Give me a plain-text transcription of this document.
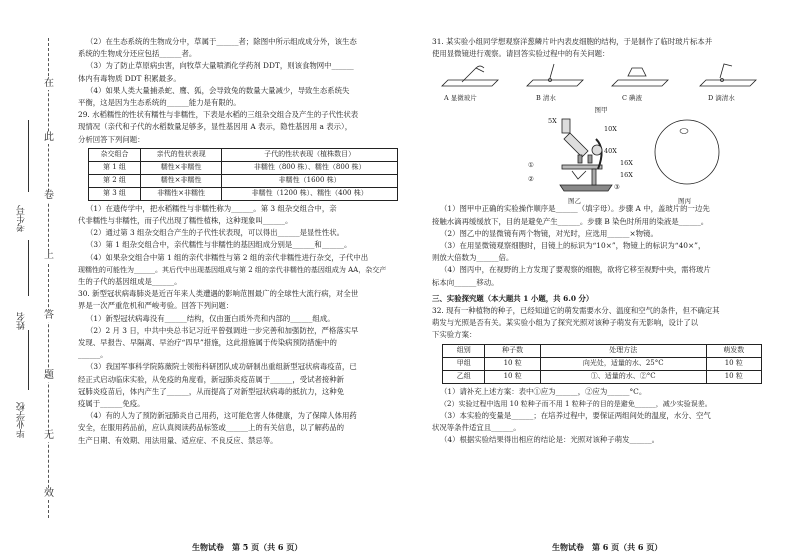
在
此
卷
上
答
题
无
效
毕业学校
姓名
考生号

（2）在生态系统的生物成分中，草属于______者；除图中所示组成成分外，该生态

系统的生物成分还应包括______者。

（3）为了防止草原病虫害，向牧草大量喷洒化学药剂 DDT，则该食物网中______

体内有毒物质 DDT 积累最多。

（4）如果人类大量捕杀蛇、鹰、狐，会导致兔的数量大量减少，导致生态系统失

平衡，这是因为生态系统的______能力是有限的。

29. 水稻糯性的性状有糯性与非糯性，下表是水稻的三组杂交组合及产生的子代性状表

现情况（亲代和子代的水稻数量足够多，显性基因用 A 表示，隐性基因用 a 表示），

分析回答下列问题：

杂交组合	亲代的性状表现	子代的性状表现（植株数目）
第 1 组	糯性×非糯性	非糯性（800 株）、糯性（800 株）
第 2 组	糯性×非糯性	非糯性（1600 株）
第 3 组	非糯性×非糯性	非糯性（1200 株）、糯性（400 株）

（1）在遗传学中，把水稻糯性与非糯性称为______。第 3 组杂交组合中，亲

代非糯性与非糯性，而子代出现了糯性植株，这种现象叫______。

（2）通过第 3 组杂交组合产生的子代性状表现，可以得出______是显性性状。

（3）第 1 组杂交组合中，亲代糯性与非糯性的基因组成分别是______和______。

（4）如果杂交组合中第 1 组的亲代非糯性与第 2 组的亲代非糯性进行杂交，子代中出

现糯性的可能性为______。其后代中出现基因组成与第 2 组的亲代非糯性的基因组成为 AA，杂交产

生的子代的基因组成是______。

30. 新型冠状病毒肺炎是近百年来人类遭遇的影响范围最广的全球性大流行病，对全世

界是一次严重危机和严峻考验。回答下列问题：

（1）新型冠状病毒没有______结构，仅由蛋白质外壳和内部的______组成。

（2）2 月 3 日，中共中央总书记习近平曾强调进一步完善和加强防控，严格落实早

发现、早报告、早隔离、早治疗“四早”措施，这此措施属于传染病预防措施中的

______。

（3）我国军事科学院陈薇院士领衔科研团队成功研制出重组新型冠状病毒疫苗，已

经正式启动临床实验，从免疫的角度看，新冠肺炎疫苗属于______，受试者接种新

冠肺炎疫苗后，体内产生了______，从而提高了对新型冠状病毒的抵抗力，这种免

疫属于______免疫。

（4）有的人为了预防新冠肺炎自己用药，这可能危害人体健康，为了保障人体用药

安全，在服用药品前，应认真阅读药品标签或______上的有关信息，以了解药品的

生产日期、有效期、用法用量、适应症、不良反应、禁忌等。

31. 某实验小组同学想观察洋葱鳞片叶内表皮细胞的结构，于是制作了临时玻片标本并

使用显微镜进行观察。请回答实验过程中的有关问题：

A 显微玻片	B 清水	C 碘液	D 滴清水
图甲
5X
10X
40X
16X
16X
①
②
③
图乙	图丙

（1）图甲中正确的实验操作顺序是______（填字母）。步骤 A 中，盖玻片的一边先

接触水滴再缓缓放下，目的是避免产生______。步骤 B 染色时所用的染液是______。

（2）图乙中的显微镜有两个物镜，对光时，应选用______×物镜。

（3）在用显微镜观察细胞时，目镜上的标识为“10×”，物镜上的标识为“40×”，

则放大倍数为______倍。

（4）图丙中，在视野的上方发现了要观察的细胞，欲将它移至视野中央，需将玻片

标本向______移动。

三、实验探究题（本大题共 1 小题，共 6.0 分）

32. 现有一种植物的种子，已经知道它的萌发需要水分、温度和空气的条件，但不确定其

萌发与光照是否有关。某实验小组为了探究光照对该种子萌发有无影响，设计了以

下实验方案：

组别	种子数	处理方法	萌发数
甲组	10 粒	向光处，适量的水、25°C	10 粒
乙组	10 粒	①、适量的水、②°C	10 粒

（1）请补充上述方案：表中①应为______，②应为______°C。

（2）实验过程中选用 10 粒种子而不用 1 粒种子的目的是避免______，减少实验误差。

（3）本实验的变量是______；在培养过程中，要保证两组间处的温度，水分、空气

状况等条件适宜且______。

（4）根据实验结果得出相应的结论是：光照对该种子萌发______。

生物试卷　第 5 页（共 6 页）	生物试卷　第 6 页（共 6 页）
